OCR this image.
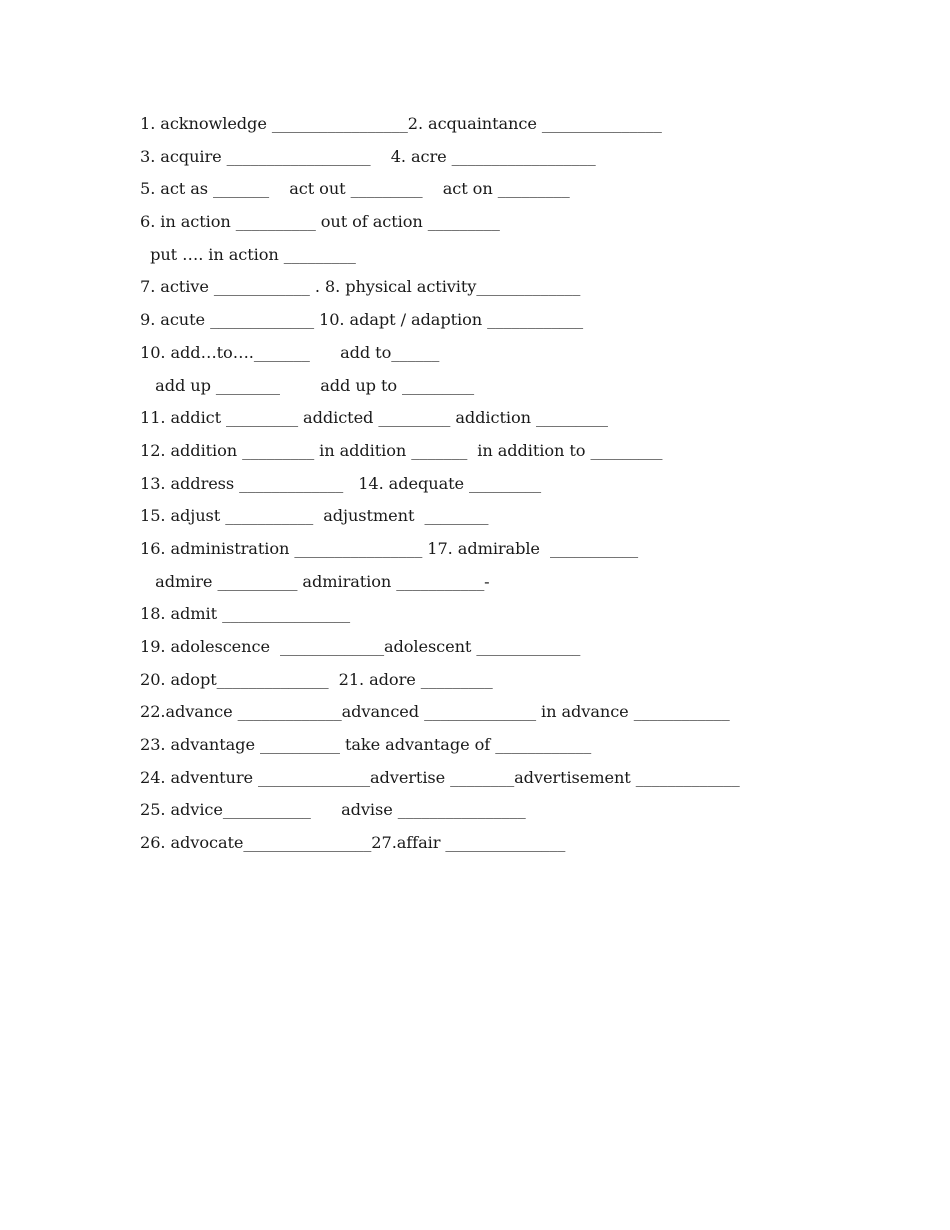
1. acknowledge _________________2. acquaintance _______________
3. acquire __________________    4. acre __________________
5. act as _______    act out _________    act on _________
6. in action __________ out of action _________
put …. in action _________
7. active ____________ . 8. physical activity_____________
9. acute _____________ 10. adapt / adaption ____________
10. add…to…._______      add to______
add up ________        add up to _________
11. addict _________ addicted _________ addiction _________
12. addition _________ in addition _______  in addition to _________
13. address _____________   14. adequate _________
15. adjust ___________  adjustment  ________
16. administration ________________ 17. admirable  ___________
admire __________ admiration ___________-
18. admit ________________
19. adolescence  _____________adolescent _____________
20. adopt______________  21. adore _________
22.advance _____________advanced ______________ in advance ____________
23. advantage __________ take advantage of ____________
24. adventure ______________advertise ________advertisement _____________
25. advice___________      advise ________________
26. advocate________________27.affair _______________
